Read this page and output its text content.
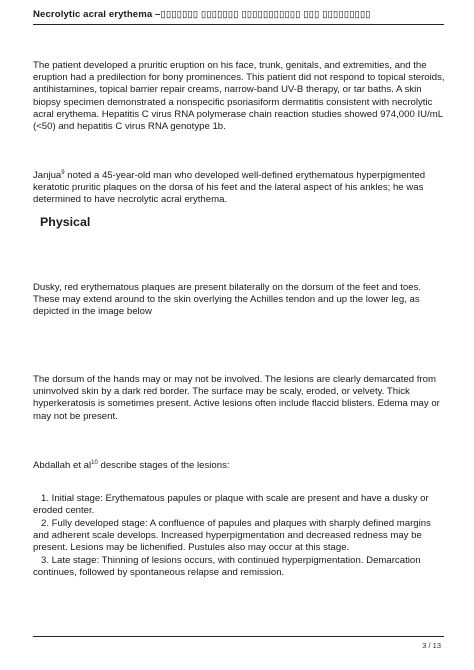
Necrolytic acral erythema –▯▯▯▯▯▯▯ ▯▯▯▯▯▯▯ ▯▯▯▯▯▯▯▯▯▯▯ ▯▯▯ ▯▯▯▯▯▯▯▯▯

The patient developed a pruritic eruption on his face, trunk, genitals, and extremities, and the eruption had a predilection for bony prominences. This patient did not respond to topical steroids, antihistamines, topical barrier repair creams, narrow-band UV-B therapy, or tar baths. A skin biopsy specimen demonstrated a nonspecific psoriasiform dermatitis consistent with necrolytic acral erythema. Hepatitis C virus RNA polymerase chain reaction studies showed 974,000 IU/mL (<50) and hepatitis C virus RNA genotype 1b.

Janjua$^9$ noted a 45-year-old man who developed well-defined erythematous hyperpigmented keratotic pruritic plaques on the dorsa of his feet and the lateral aspect of his ankles; he was determined to have necrolytic acral erythema.

Physical

Dusky, red erythematous plaques are present bilaterally on the dorsum of the feet and toes. These may extend around to the skin overlying the Achilles tendon and up the lower leg, as depicted in the image below

The dorsum of the hands may or may not be involved. The lesions are clearly demarcated from uninvolved skin by a dark red border. The surface may be scaly, eroded, or velvety. Thick hyperkeratosis is sometimes present. Active lesions often include flaccid blisters. Edema may or may not be present.

Abdallah et $al^{10}$ describe stages of the lesions:

1. Initial stage: Erythematous papules or plaque with scale are present and have a dusky or eroded center.

2. Fully developed stage: A confluence of papules and plaques with sharply defined margins and adherent scale develops. Increased hyperpigmentation and decreased redness may be present. Lesions may be lichenified. Pustules also may occur at this stage.

3. Late stage: Thinning of lesions occurs, with continued hyperpigmentation. Demarcation continues, followed by spontaneous relapse and remission.

3 / 13
